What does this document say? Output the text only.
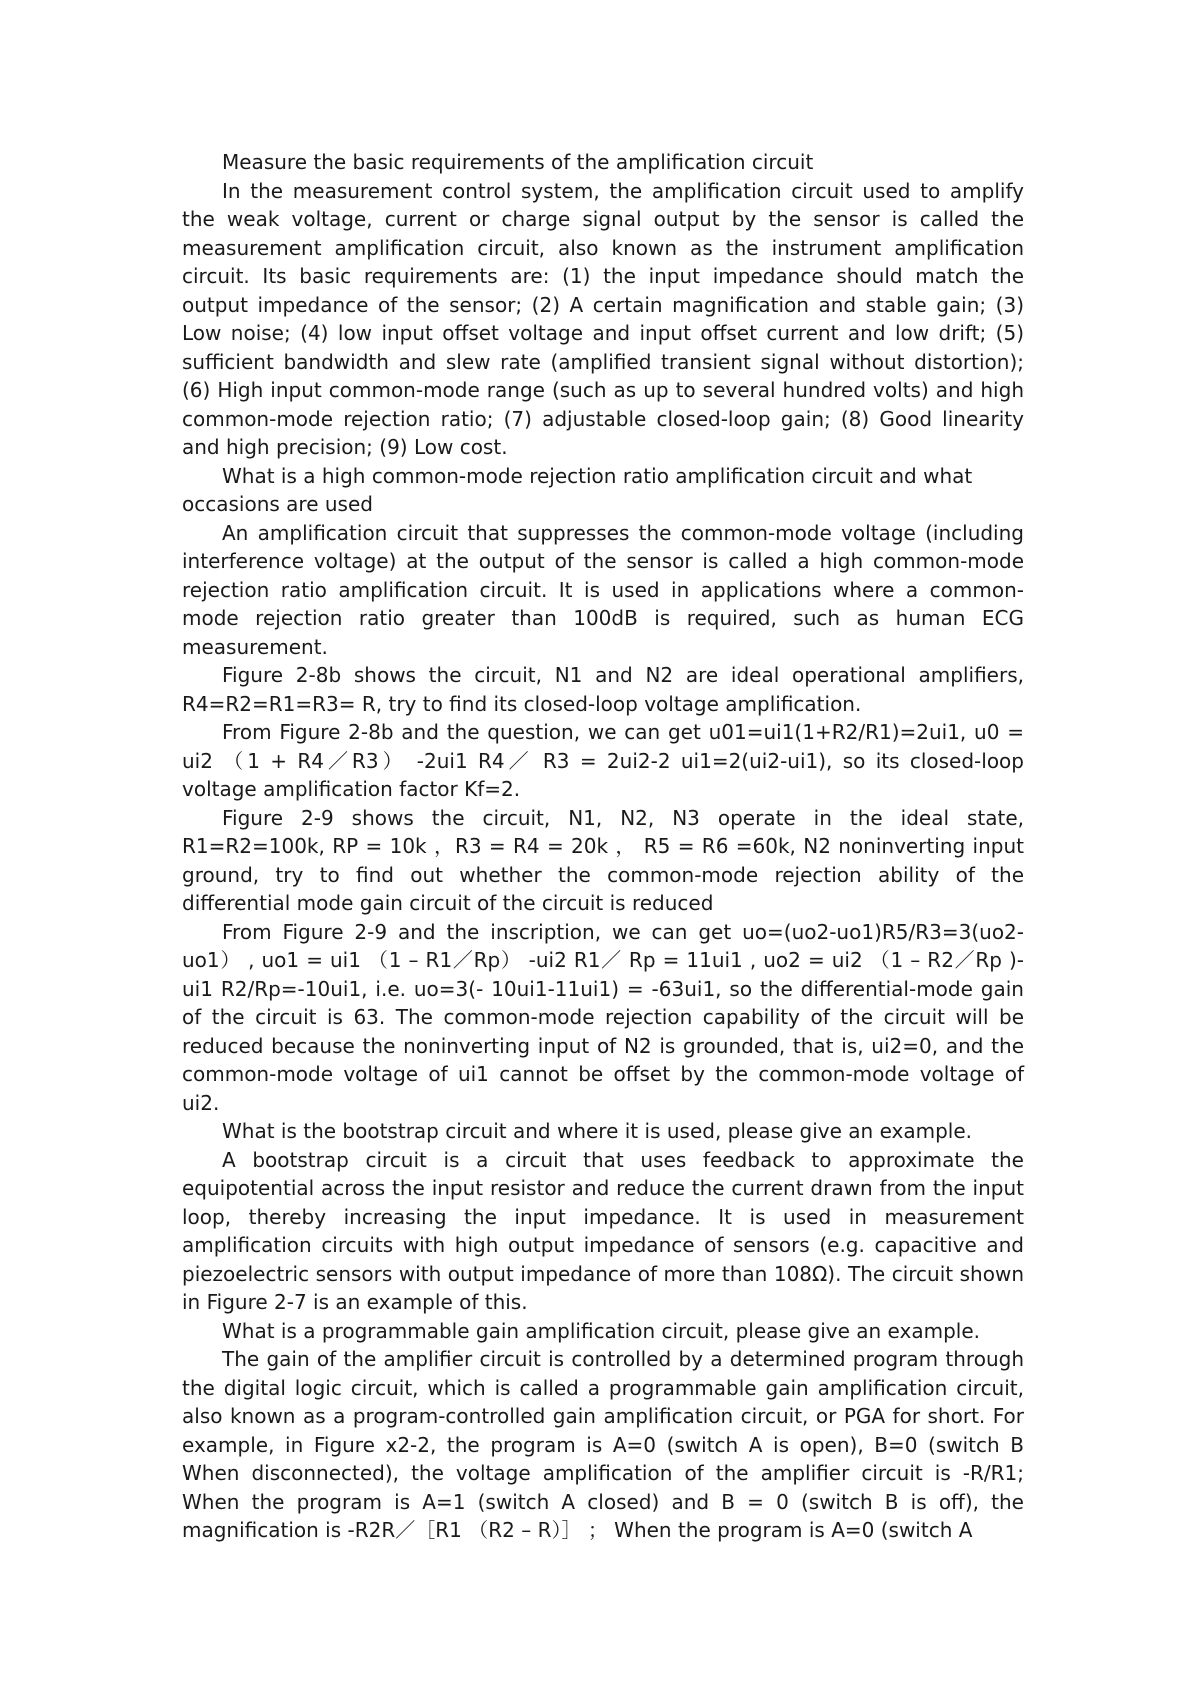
Measure the basic requirements of the amplification circuit

In the measurement control system, the amplification circuit used to amplify the weak voltage, current or charge signal output by the sensor is called the measurement amplification circuit, also known as the instrument amplification circuit. Its basic requirements are: (1) the input impedance should match the output impedance of the sensor; (2) A certain magnification and stable gain; (3) Low noise; (4) low input offset voltage and input offset current and low drift; (5) sufficient bandwidth and slew rate (amplified transient signal without distortion); (6) High input common-mode range (such as up to several hundred volts) and high common-mode rejection ratio; (7) adjustable closed-loop gain; (8) Good linearity and high precision; (9) Low cost.

What is a high common-mode rejection ratio amplification circuit and what occasions are used

An amplification circuit that suppresses the common-mode voltage (including interference voltage) at the output of the sensor is called a high common-mode rejection ratio amplification circuit. It is used in applications where a common-mode rejection ratio greater than 100dB is required, such as human ECG measurement.

Figure 2-8b shows the circuit, N1 and N2 are ideal operational amplifiers, R4=R2=R1=R3= R, try to find its closed-loop voltage amplification.

From Figure 2-8b and the question, we can get u01=ui1(1+R2/R1)=2ui1, u0 = ui2 （1 + R4／R3） -2ui1 R4／ R3 = 2ui2-2 ui1=2(ui2-ui1), so its closed-loop voltage amplification factor Kf=2.

Figure 2-9 shows the circuit, N1, N2, N3 operate in the ideal state, R1=R2=100k, RP = 10k ，R3 = R4 = 20k ， R5 = R6 =60k, N2 noninverting input ground, try to find out whether the common-mode rejection ability of the differential mode gain circuit of the circuit is reduced

From Figure 2-9 and the inscription, we can get uo=(uo2-uo1)R5/R3=3(uo2-uo1） , uo1 = ui1 （1 – R1／Rp） -ui2 R1／ Rp = 11ui1 , uo2 = ui2 （1 – R2／Rp )-ui1 R2/Rp=-10ui1, i.e. uo=3(- 10ui1-11ui1) = -63ui1, so the differential-mode gain of the circuit is 63. The common-mode rejection capability of the circuit will be reduced because the noninverting input of N2 is grounded, that is, ui2=0, and the common-mode voltage of ui1 cannot be offset by the common-mode voltage of ui2.

What is the bootstrap circuit and where it is used, please give an example.

A bootstrap circuit is a circuit that uses feedback to approximate the equipotential across the input resistor and reduce the current drawn from the input loop, thereby increasing the input impedance. It is used in measurement amplification circuits with high output impedance of sensors (e.g. capacitive and piezoelectric sensors with output impedance of more than 108Ω). The circuit shown in Figure 2-7 is an example of this.

What is a programmable gain amplification circuit, please give an example.

The gain of the amplifier circuit is controlled by a determined program through the digital logic circuit, which is called a programmable gain amplification circuit, also known as a program-controlled gain amplification circuit, or PGA for short. For example, in Figure x2-2, the program is A=0 (switch A is open), B=0 (switch B When disconnected), the voltage amplification of the amplifier circuit is -R/R1; When the program is A=1 (switch A closed) and B = 0 (switch B is off), the magnification is -R2R／［R1 （R2 – R）］ ； When the program is A=0 (switch A
